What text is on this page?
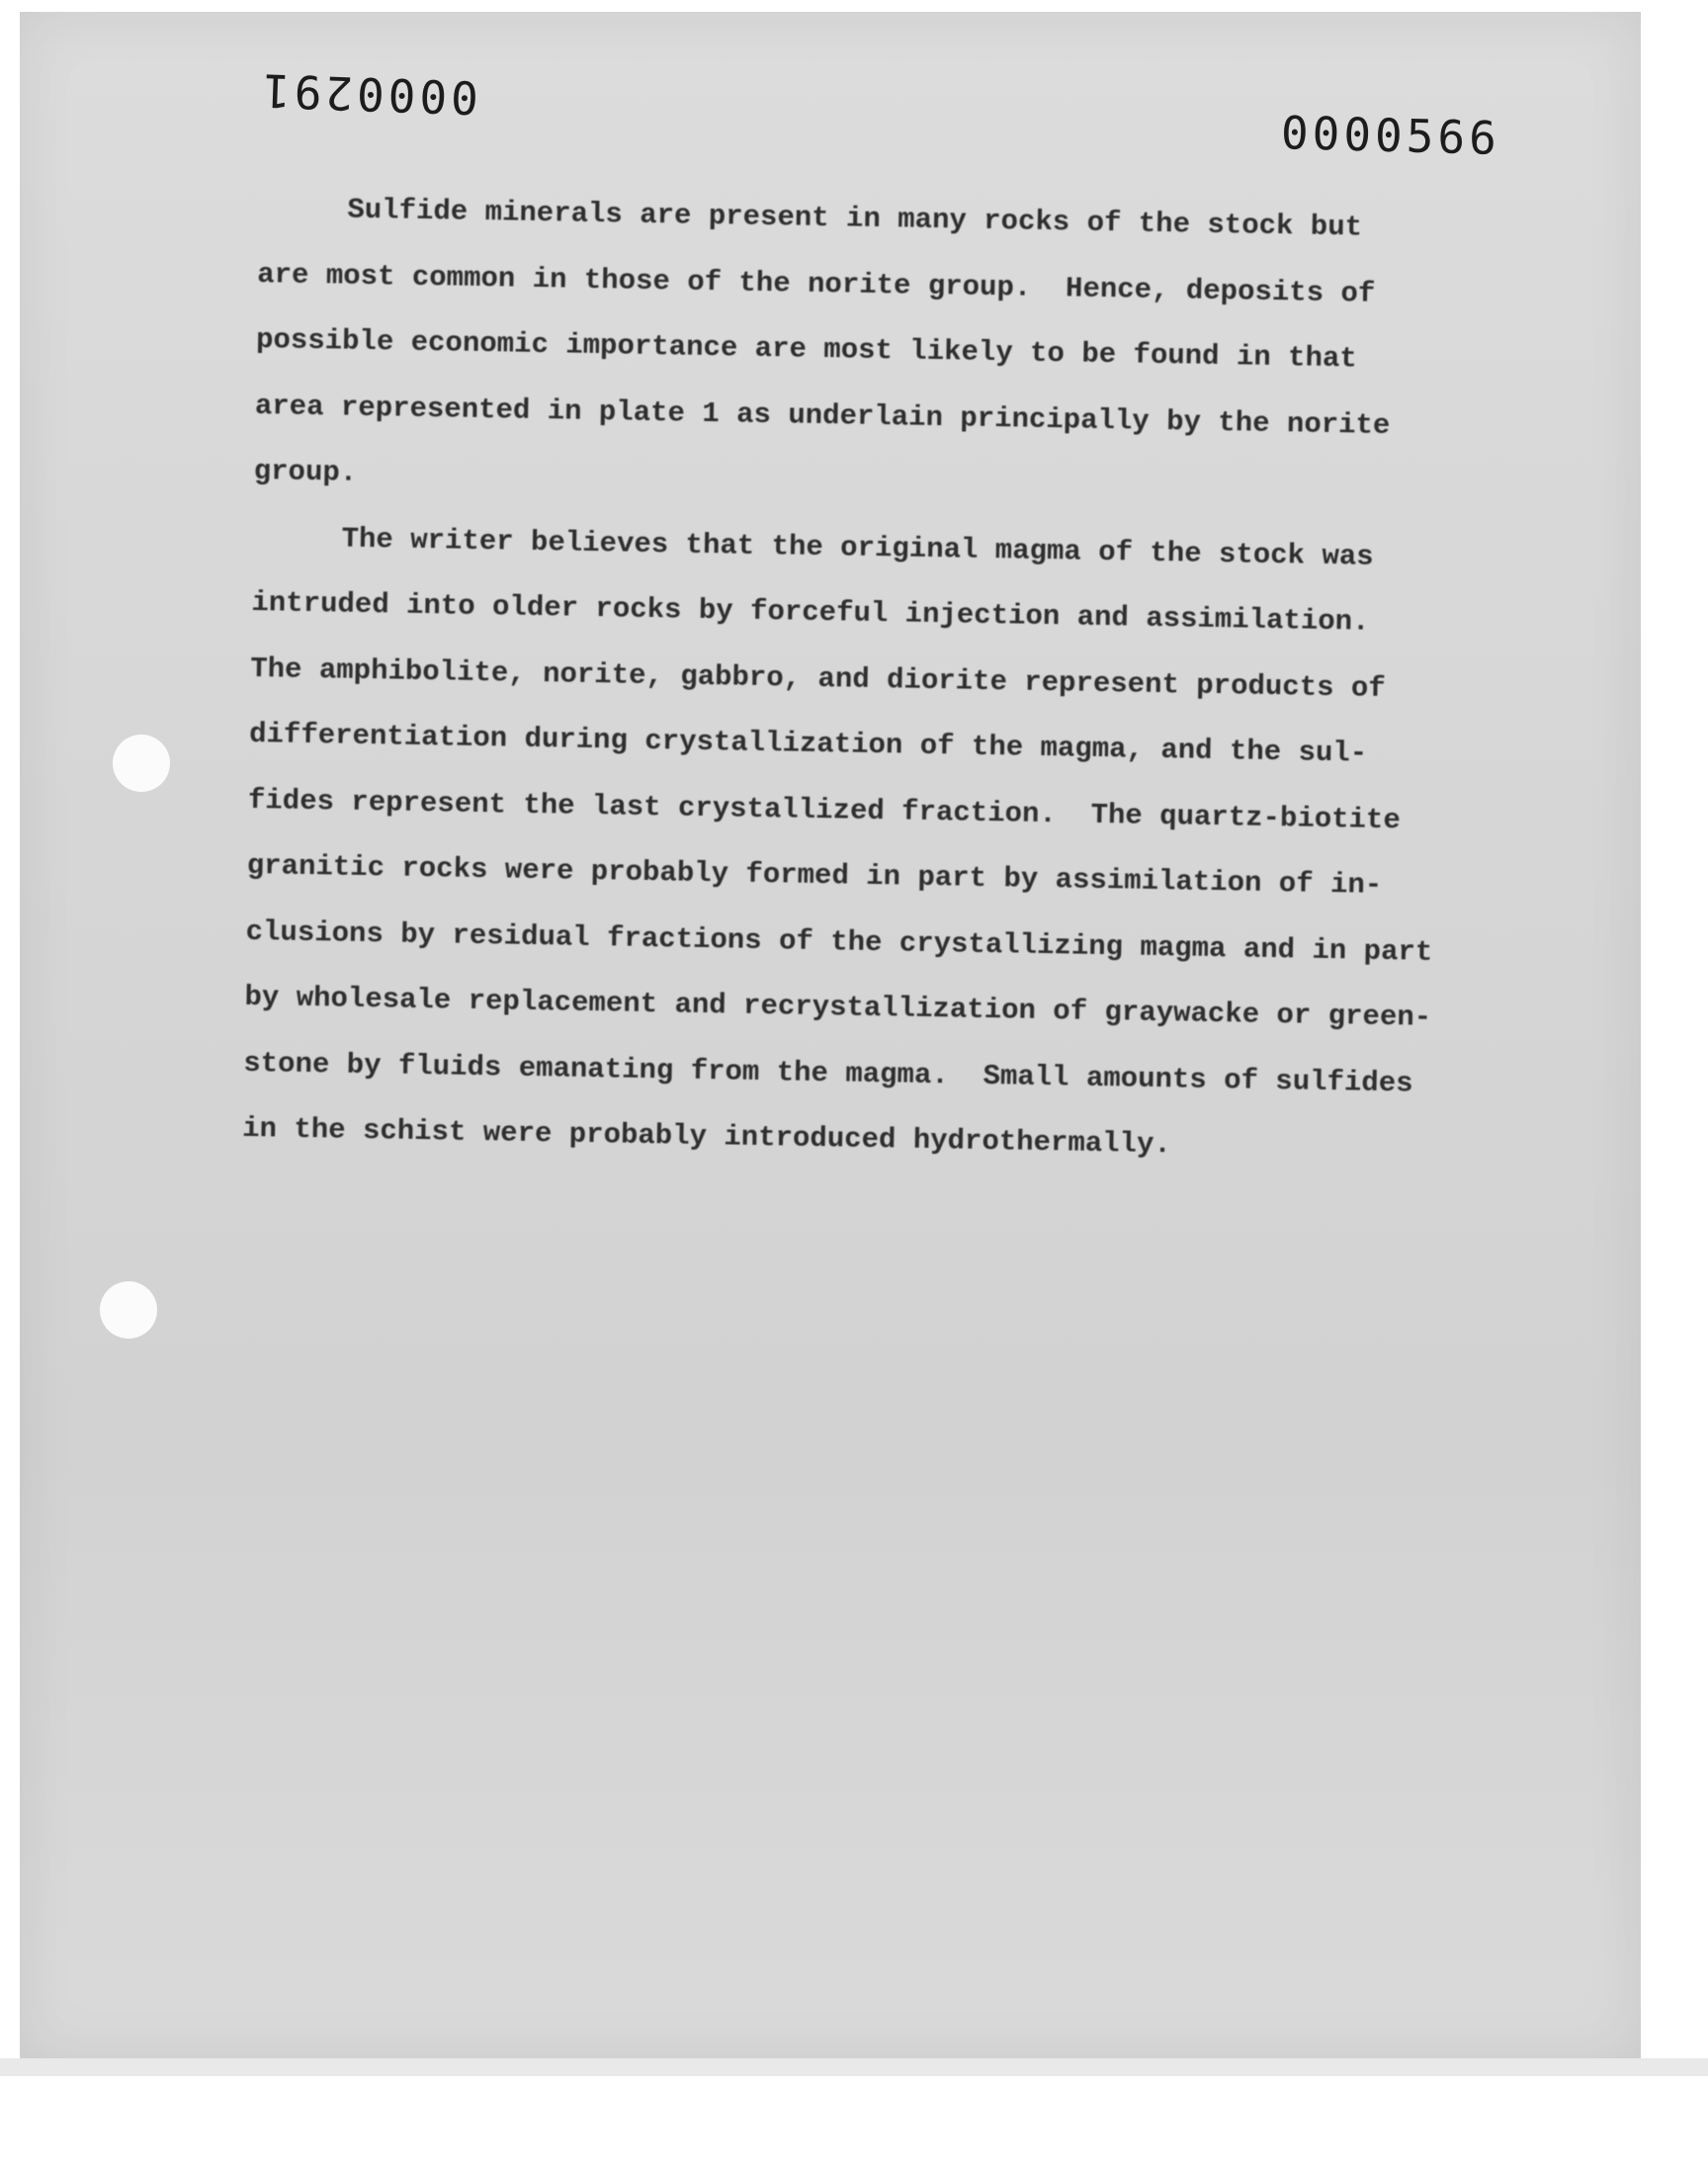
0000291
0000566
Sulfide minerals are present in many rocks of the stock but
are most common in those of the norite group.  Hence, deposits of
possible economic importance are most likely to be found in that
area represented in plate 1 as underlain principally by the norite
group.
The writer believes that the original magma of the stock was
intruded into older rocks by forceful injection and assimilation.
The amphibolite, norite, gabbro, and diorite represent products of
differentiation during crystallization of the magma, and the sul-
fides represent the last crystallized fraction.  The quartz-biotite
granitic rocks were probably formed in part by assimilation of in-
clusions by residual fractions of the crystallizing magma and in part
by wholesale replacement and recrystallization of graywacke or green-
stone by fluids emanating from the magma.  Small amounts of sulfides
in the schist were probably introduced hydrothermally.
